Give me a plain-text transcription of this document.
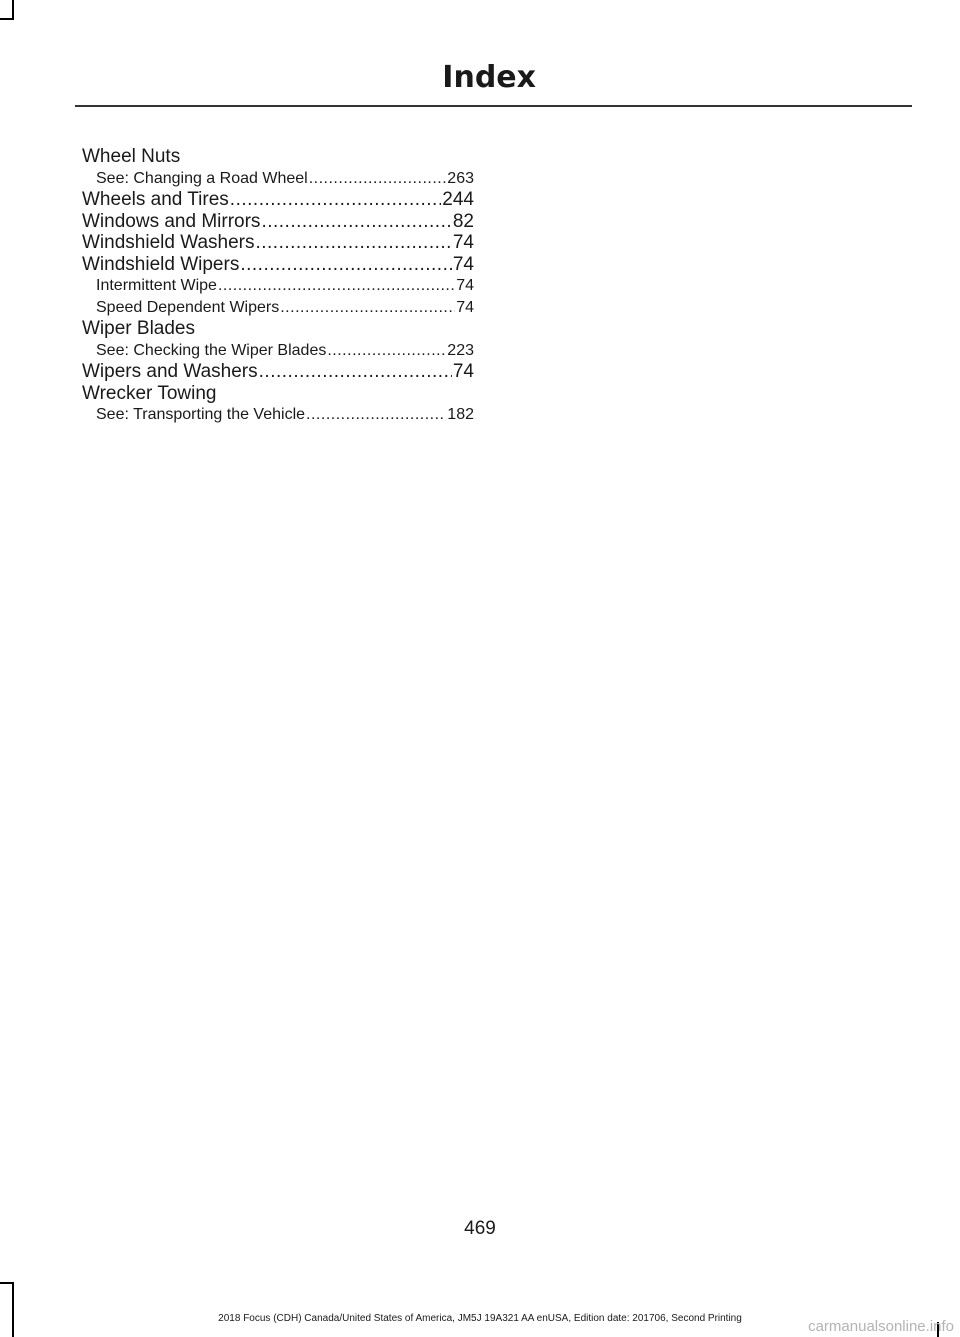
Index
Wheel Nuts
See: Changing a Road Wheel .....	263
Wheels and Tires .....	244
Windows and Mirrors .....	82
Windshield Washers .....	74
Windshield Wipers .....	74
Intermittent Wipe .....	74
Speed Dependent Wipers .....	74
Wiper Blades
See: Checking the Wiper Blades .....	223
Wipers and Washers .....	74
Wrecker Towing
See: Transporting the Vehicle .....	182
469
2018 Focus (CDH) Canada/United States of America, JM5J 19A321 AA enUSA, Edition date: 201706, Second Printing	carmanualsonline.info
